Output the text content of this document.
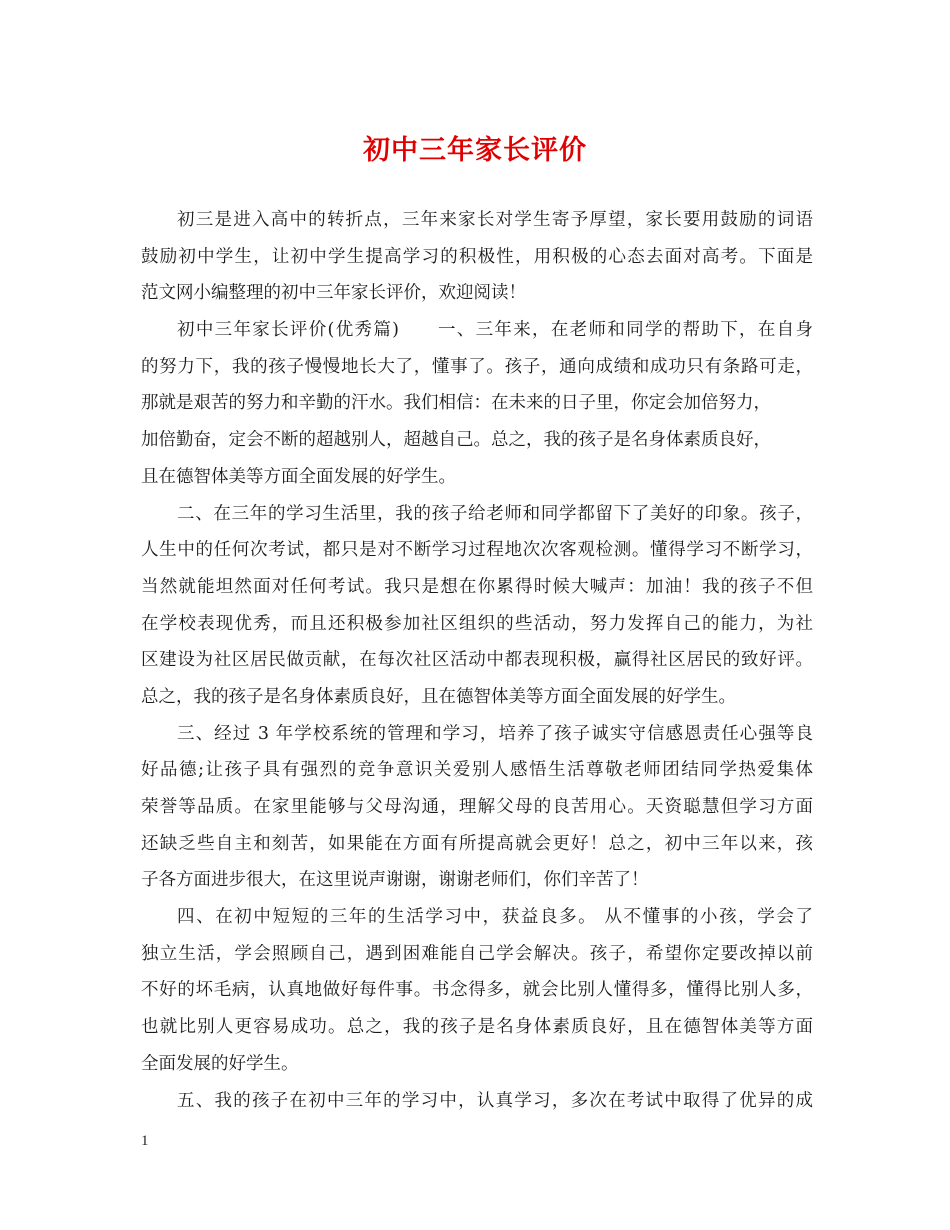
初中三年家长评价
初三是进入高中的转折点，三年来家长对学生寄予厚望，家长要用鼓励的词语
鼓励初中学生，让初中学生提高学习的积极性，用积极的心态去面对高考。下面是
范文网小编整理的初中三年家长评价，欢迎阅读！
初中三年家长评价(优秀篇)　　一、三年来，在老师和同学的帮助下，在自身
的努力下，我的孩子慢慢地长大了，懂事了。孩子，通向成绩和成功只有条路可走，
那就是艰苦的努力和辛勤的汗水。我们相信：在未来的日子里，你定会加倍努力，
加倍勤奋，定会不断的超越别人，超越自己。总之，我的孩子是名身体素质良好，
且在德智体美等方面全面发展的好学生。
二、在三年的学习生活里，我的孩子给老师和同学都留下了美好的印象。孩子，
人生中的任何次考试，都只是对不断学习过程地次次客观检测。懂得学习不断学习，
当然就能坦然面对任何考试。我只是想在你累得时候大喊声：加油！我的孩子不但
在学校表现优秀，而且还积极参加社区组织的些活动，努力发挥自己的能力，为社
区建设为社区居民做贡献，在每次社区活动中都表现积极，赢得社区居民的致好评。
总之，我的孩子是名身体素质良好，且在德智体美等方面全面发展的好学生。
三、经过 3 年学校系统的管理和学习，培养了孩子诚实守信感恩责任心强等良
好品德;让孩子具有强烈的竞争意识关爱别人感悟生活尊敬老师团结同学热爱集体
荣誉等品质。在家里能够与父母沟通，理解父母的良苦用心。天资聪慧但学习方面
还缺乏些自主和刻苦，如果能在方面有所提高就会更好！总之，初中三年以来，孩
子各方面进步很大，在这里说声谢谢，谢谢老师们，你们辛苦了！
四、在初中短短的三年的生活学习中，获益良多。 从不懂事的小孩，学会了
独立生活，学会照顾自己，遇到困难能自己学会解决。孩子，希望你定要改掉以前
不好的坏毛病，认真地做好每件事。书念得多，就会比别人懂得多，懂得比别人多，
也就比别人更容易成功。总之，我的孩子是名身体素质良好，且在德智体美等方面
全面发展的好学生。
五、我的孩子在初中三年的学习中，认真学习，多次在考试中取得了优异的成
1
